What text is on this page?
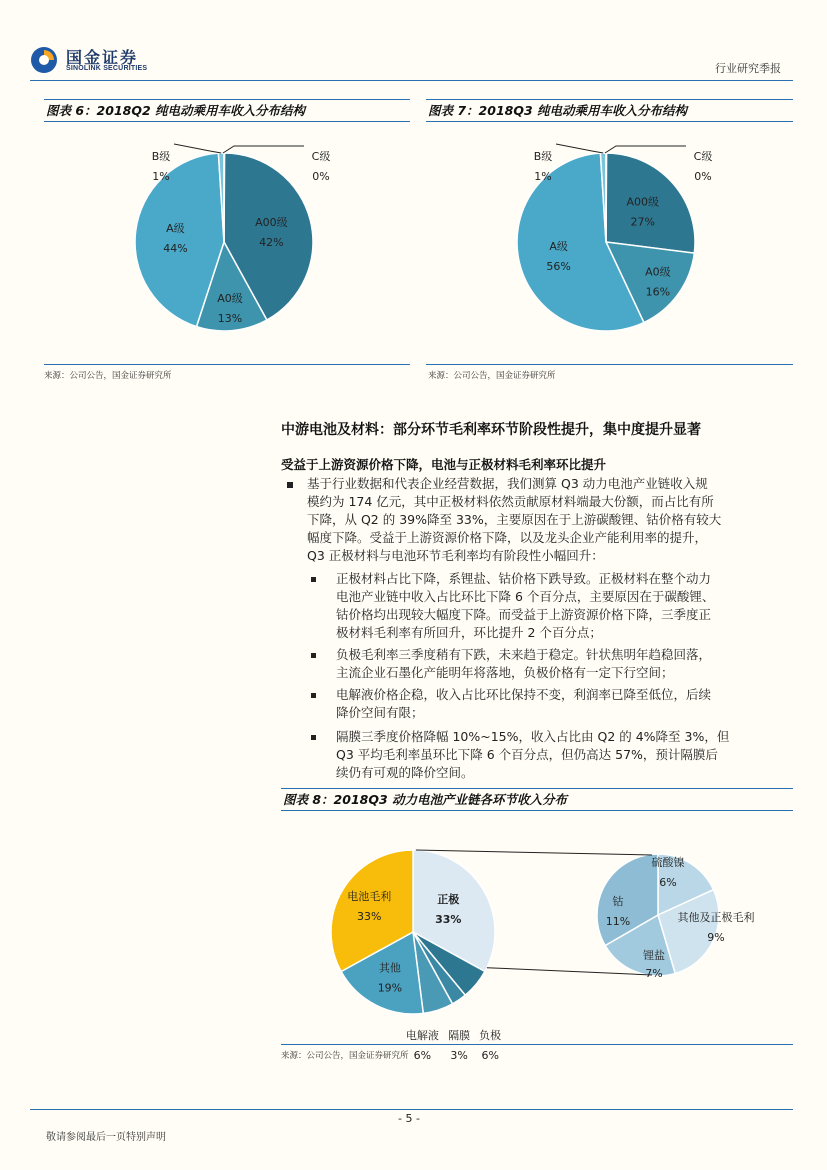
国金证券
SINOLINK SECURITIES	行业研究季报
图表 6：2018Q2 纯电动乘用车收入分布结构
A00级
42%
A0级
13%
A级
44%
B级
1%
C级
0%
来源：公司公告，国金证券研究所
图表 7：2018Q3 纯电动乘用车收入分布结构
A00级
27%
A0级
16%
A级
56%
B级
1%
C级
0%
来源：公司公告，国金证券研究所
中游电池及材料：部分环节毛利率环节阶段性提升，集中度提升显著
受益于上游资源价格下降，电池与正极材料毛利率环比提升
基于行业数据和代表企业经营数据，我们测算 Q3 动力电池产业链收入规
模约为 174 亿元，其中正极材料依然贡献原材料端最大份额，而占比有所
下降，从 Q2 的 39%降至 33%，主要原因在于上游碳酸锂、钴价格有较大
幅度下降。受益于上游资源价格下降，以及龙头企业产能利用率的提升，
Q3 正极材料与电池环节毛利率均有阶段性小幅回升：
正极材料占比下降，系锂盐、钴价格下跌导致。正极材料在整个动力
电池产业链中收入占比环比下降 6 个百分点，主要原因在于碳酸锂、
钴价格均出现较大幅度下降。而受益于上游资源价格下降，三季度正
极材料毛利率有所回升，环比提升 2 个百分点；
负极毛利率三季度稍有下跌，未来趋于稳定。针状焦明年趋稳回落，
主流企业石墨化产能明年将落地，负极价格有一定下行空间；
电解液价格企稳，收入占比环比保持不变，利润率已降至低位，后续
降价空间有限；
隔膜三季度价格降幅 10%~15%，收入占比由 Q2 的 4%降至 3%，但
Q3 平均毛利率虽环比下降 6 个百分点，但仍高达 57%，预计隔膜后
续仍有可观的降价空间。
图表 8：2018Q3 动力电池产业链各环节收入分布
正极
33%
其他
19%
电池毛利
33%
负极
6%
隔膜
3%
电解液
6%
硫酸镍
6%
其他及正极毛利
9%
锂盐
7%
钴
11%
来源：公司公告，国金证券研究所
- 5 -
敬请参阅最后一页特别声明
